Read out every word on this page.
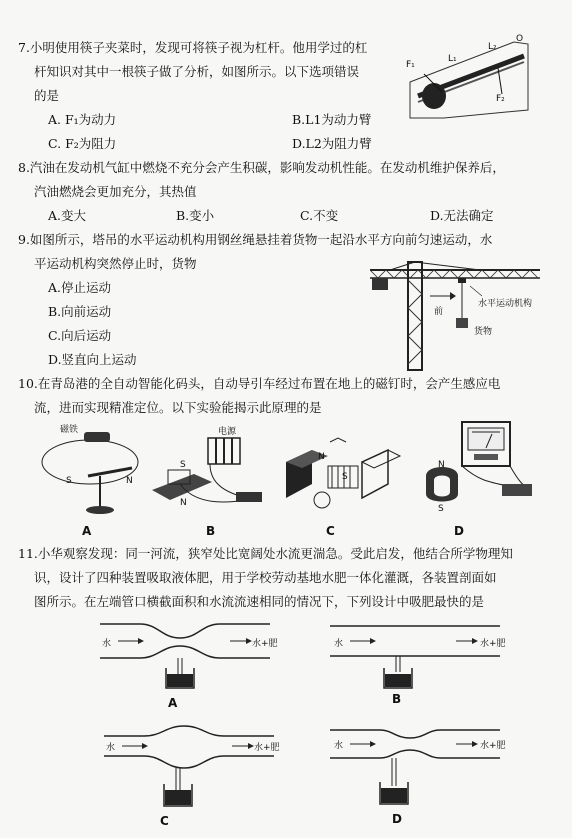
7.小明使用筷子夹菜时，发现可将筷子视为杠杆。他用学过的杠
杆知识对其中一根筷子做了分析，如图所示。以下选项错误
的是
A. F₁为动力	B.L1为动力臂
C. F₂为阻力	D.L2为阻力臂
F₁
F₂
L₁
L₂
O
8.汽油在发动机气缸中燃烧不充分会产生积碳，影响发动机性能。在发动机维护保养后，
汽油燃烧会更加充分，其热值
A.变大	B.变小	C.不变	D.无法确定
9.如图所示，塔吊的水平运动机构用钢丝绳悬挂着货物一起沿水平方向前匀速运动，水
平运动机构突然停止时，货物
A.停止运动
B.向前运动
C.向后运动
D.竖直向上运动
水平运动机构
前
货物
10.在青岛港的全自动智能化码头，自动导引车经过布置在地上的磁钉时，会产生感应电
流，进而实现精准定位。以下实验能揭示此原理的是
磁铁
S	N
A
电源
S
N
B
S
N
C
N
S
D
11.小华观察发现：同一河流，狭窄处比宽阔处水流更湍急。受此启发，他结合所学物理知
识，设计了四种装置吸取液体肥，用于学校劳动基地水肥一体化灌溉，各装置剖面如
图所示。在左端管口横截面积和水流流速相同的情况下，下列设计中吸肥最快的是
水	水+肥
A
水	水+肥
B
水	水+肥
C
水	水+肥
D
